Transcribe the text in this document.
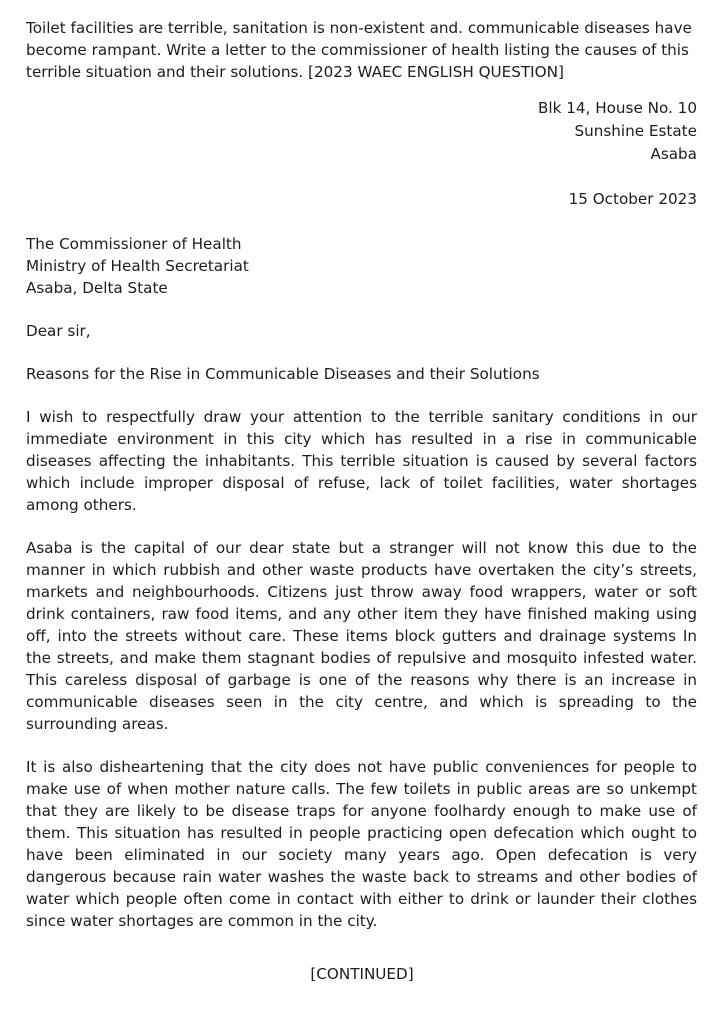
Toilet facilities are terrible, sanitation is non-existent and. communicable diseases have become rampant. Write a letter to the commissioner of health listing the causes of this terrible situation and their solutions. [2023 WAEC ENGLISH QUESTION]

Blk 14, House No. 10
Sunshine Estate
Asaba
15 October 2023
The Commissioner of Health
Ministry of Health Secretariat
Asaba, Delta State

Dear sir,

Reasons for the Rise in Communicable Diseases and their Solutions

I wish to respectfully draw your attention to the terrible sanitary conditions in our immediate environment in this city which has resulted in a rise in communicable diseases affecting the inhabitants. This terrible situation is caused by several factors which include improper disposal of refuse, lack of toilet facilities, water shortages among others.

Asaba is the capital of our dear state but a stranger will not know this due to the manner in which rubbish and other waste products have overtaken the city’s streets, markets and neighbourhoods. Citizens just throw away food wrappers, water or soft drink containers, raw food items, and any other item they have finished making using off, into the streets without care. These items block gutters and drainage systems In the streets, and make them stagnant bodies of repulsive and mosquito infested water. This careless disposal of garbage is one of the reasons why there is an increase in communicable diseases seen in the city centre, and which is spreading to the surrounding areas.

It is also disheartening that the city does not have public conveniences for people to make use of when mother nature calls. The few toilets in public areas are so unkempt that they are likely to be disease traps for anyone foolhardy enough to make use of them. This situation has resulted in people practicing open defecation which ought to have been eliminated in our society many years ago. Open defecation is very dangerous because rain water washes the waste back to streams and other bodies of water which people often come in contact with either to drink or launder their clothes since water shortages are common in the city.

[CONTINUED]
